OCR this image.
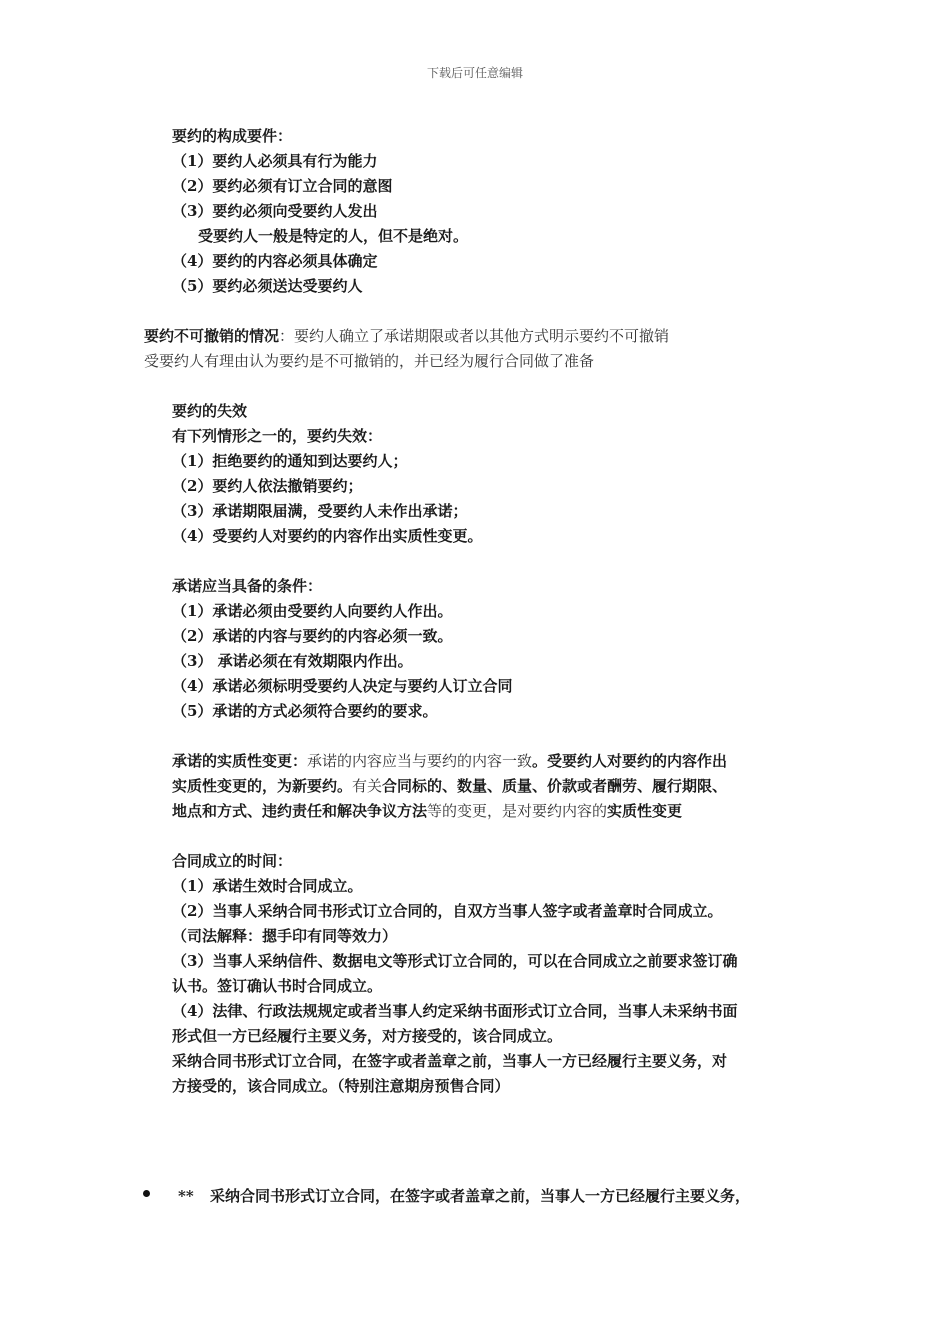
下载后可任意编辑
要约的构成要件：
（1）要约人必须具有行为能力
（2）要约必须有订立合同的意图
（3）要约必须向受要约人发出
受要约人一般是特定的人，但不是绝对。
（4）要约的内容必须具体确定
（5）要约必须送达受要约人
要约不可撤销的情况：要约人确立了承诺期限或者以其他方式明示要约不可撤销
受要约人有理由认为要约是不可撤销的，并已经为履行合同做了准备
要约的失效
有下列情形之一的，要约失效：
（1）拒绝要约的通知到达要约人；
（2）要约人依法撤销要约；
（3）承诺期限届满，受要约人未作出承诺；
（4）受要约人对要约的内容作出实质性变更。
承诺应当具备的条件：
（1）承诺必须由受要约人向要约人作出。
（2）承诺的内容与要约的内容必须一致。
（3） 承诺必须在有效期限内作出。
（4）承诺必须标明受要约人决定与要约人订立合同
（5）承诺的方式必须符合要约的要求。
承诺的实质性变更：承诺的内容应当与要约的内容一致。受要约人对要约的内容作出
实质性变更的，为新要约。有关合同标的、数量、质量、价款或者酬劳、履行期限、
地点和方式、违约责任和解决争议方法等的变更，是对要约内容的实质性变更
合同成立的时间：
（1）承诺生效时合同成立。
（2）当事人采纳合同书形式订立合同的，自双方当事人签字或者盖章时合同成立。
（司法解释：摁手印有同等效力）
（3）当事人采纳信件、数据电文等形式订立合同的，可以在合同成立之前要求签订确
认书。签订确认书时合同成立。
（4）法律、行政法规规定或者当事人约定采纳书面形式订立合同，当事人未采纳书面
形式但一方已经履行主要义务，对方接受的，该合同成立。
采纳合同书形式订立合同，在签字或者盖章之前，当事人一方已经履行主要义务，对
方接受的，该合同成立。（特别注意期房预售合同）
** 采纳合同书形式订立合同，在签字或者盖章之前，当事人一方已经履行主要义务，
